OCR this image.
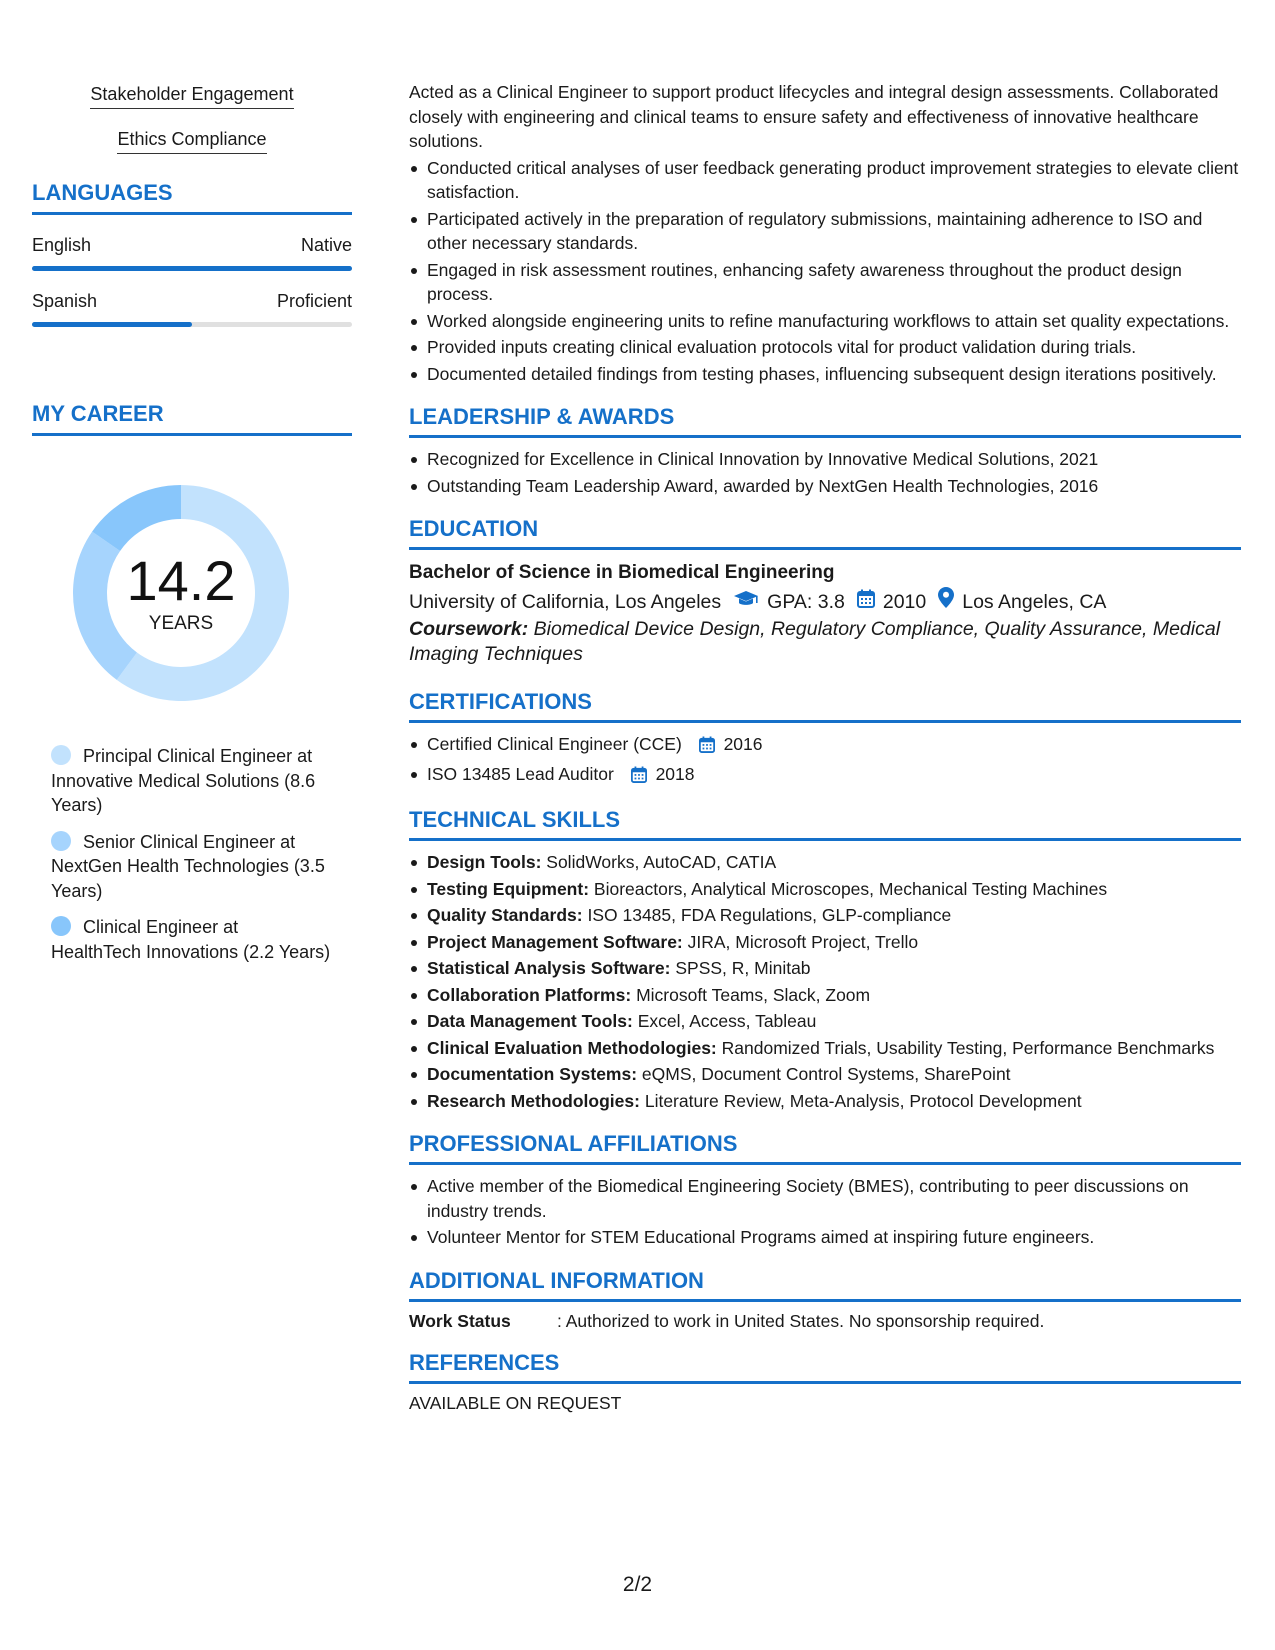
Stakeholder Engagement
Ethics Compliance
LANGUAGES
English	Native
Spanish	Proficient
MY CAREER
14.2
YEARS
Principal Clinical Engineer at Innovative Medical Solutions (8.6 Years)
Senior Clinical Engineer at NextGen Health Technologies (3.5 Years)
Clinical Engineer at HealthTech Innovations (2.2 Years)
Acted as a Clinical Engineer to support product lifecycles and integral design assessments. Collaborated closely with engineering and clinical teams to ensure safety and effectiveness of innovative healthcare solutions.
Conducted critical analyses of user feedback generating product improvement strategies to elevate client satisfaction.
Participated actively in the preparation of regulatory submissions, maintaining adherence to ISO and other necessary standards.
Engaged in risk assessment routines, enhancing safety awareness throughout the product design process.
Worked alongside engineering units to refine manufacturing workflows to attain set quality expectations.
Provided inputs creating clinical evaluation protocols vital for product validation during trials.
Documented detailed findings from testing phases, influencing subsequent design iterations positively.
LEADERSHIP & AWARDS
Recognized for Excellence in Clinical Innovation by Innovative Medical Solutions, 2021
Outstanding Team Leadership Award, awarded by NextGen Health Technologies, 2016
EDUCATION
Bachelor of Science in Biomedical Engineering
University of California, Los Angeles GPA: 3.8 2010 Los Angeles, CA
Coursework: Biomedical Device Design, Regulatory Compliance, Quality Assurance, Medical Imaging Techniques
CERTIFICATIONS
Certified Clinical Engineer (CCE) 2016
ISO 13485 Lead Auditor 2018
TECHNICAL SKILLS
Design Tools: SolidWorks, AutoCAD, CATIA
Testing Equipment: Bioreactors, Analytical Microscopes, Mechanical Testing Machines
Quality Standards: ISO 13485, FDA Regulations, GLP-compliance
Project Management Software: JIRA, Microsoft Project, Trello
Statistical Analysis Software: SPSS, R, Minitab
Collaboration Platforms: Microsoft Teams, Slack, Zoom
Data Management Tools: Excel, Access, Tableau
Clinical Evaluation Methodologies: Randomized Trials, Usability Testing, Performance Benchmarks
Documentation Systems: eQMS, Document Control Systems, SharePoint
Research Methodologies: Literature Review, Meta-Analysis, Protocol Development
PROFESSIONAL AFFILIATIONS
Active member of the Biomedical Engineering Society (BMES), contributing to peer discussions on industry trends.
Volunteer Mentor for STEM Educational Programs aimed at inspiring future engineers.
ADDITIONAL INFORMATION
Work Status	: Authorized to work in United States. No sponsorship required.
REFERENCES
AVAILABLE ON REQUEST
2/2
